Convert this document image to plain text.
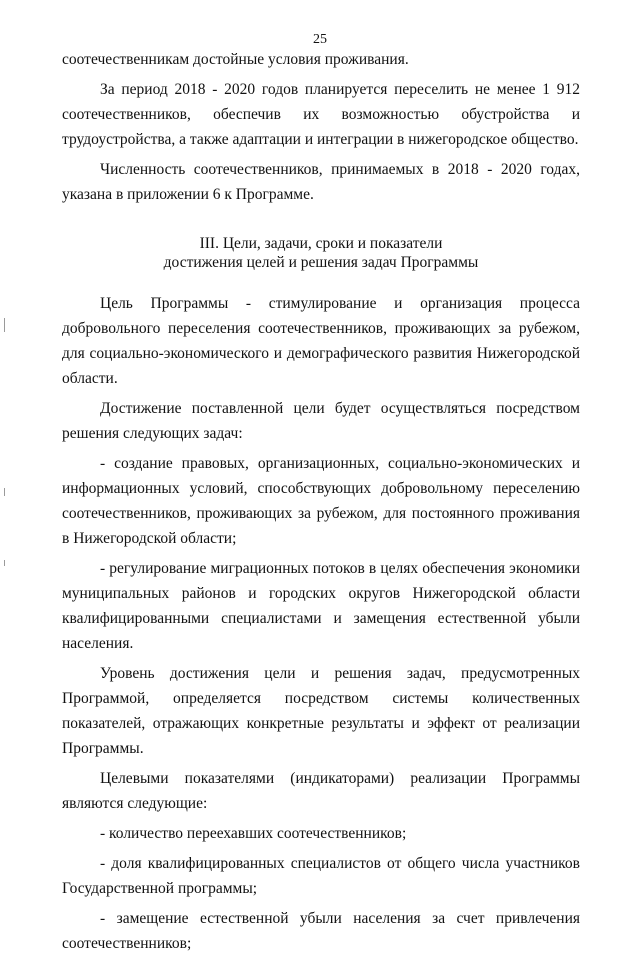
25

соотечественникам достойные условия проживания.

За период 2018 - 2020 годов планируется переселить не менее 1 912 соотечественников, обеспечив их возможностью обустройства и трудоустройства, а также адаптации и интеграции в нижегородское общество.

Численность соотечественников, принимаемых в 2018 - 2020 годах, указана в приложении 6 к Программе.

III. Цели, задачи, сроки и показатели
достижения целей и решения задач Программы

Цель Программы - стимулирование и организация процесса добровольного переселения соотечественников, проживающих за рубежом, для социально-экономического и демографического развития Нижегородской области.

Достижение поставленной цели будет осуществляться посредством решения следующих задач:

- создание правовых, организационных, социально-экономических и информационных условий, способствующих добровольному переселению соотечественников, проживающих за рубежом, для постоянного проживания в Нижегородской области;

- регулирование миграционных потоков в целях обеспечения экономики муниципальных районов и городских округов Нижегородской области квалифицированными специалистами и замещения естественной убыли населения.

Уровень достижения цели и решения задач, предусмотренных Программой, определяется посредством системы количественных показателей, отражающих конкретные результаты и эффект от реализации Программы.

Целевыми показателями (индикаторами) реализации Программы являются следующие:

- количество переехавших соотечественников;

- доля квалифицированных специалистов от общего числа участников Государственной программы;

- замещение естественной убыли населения за счет привлечения соотечественников;
